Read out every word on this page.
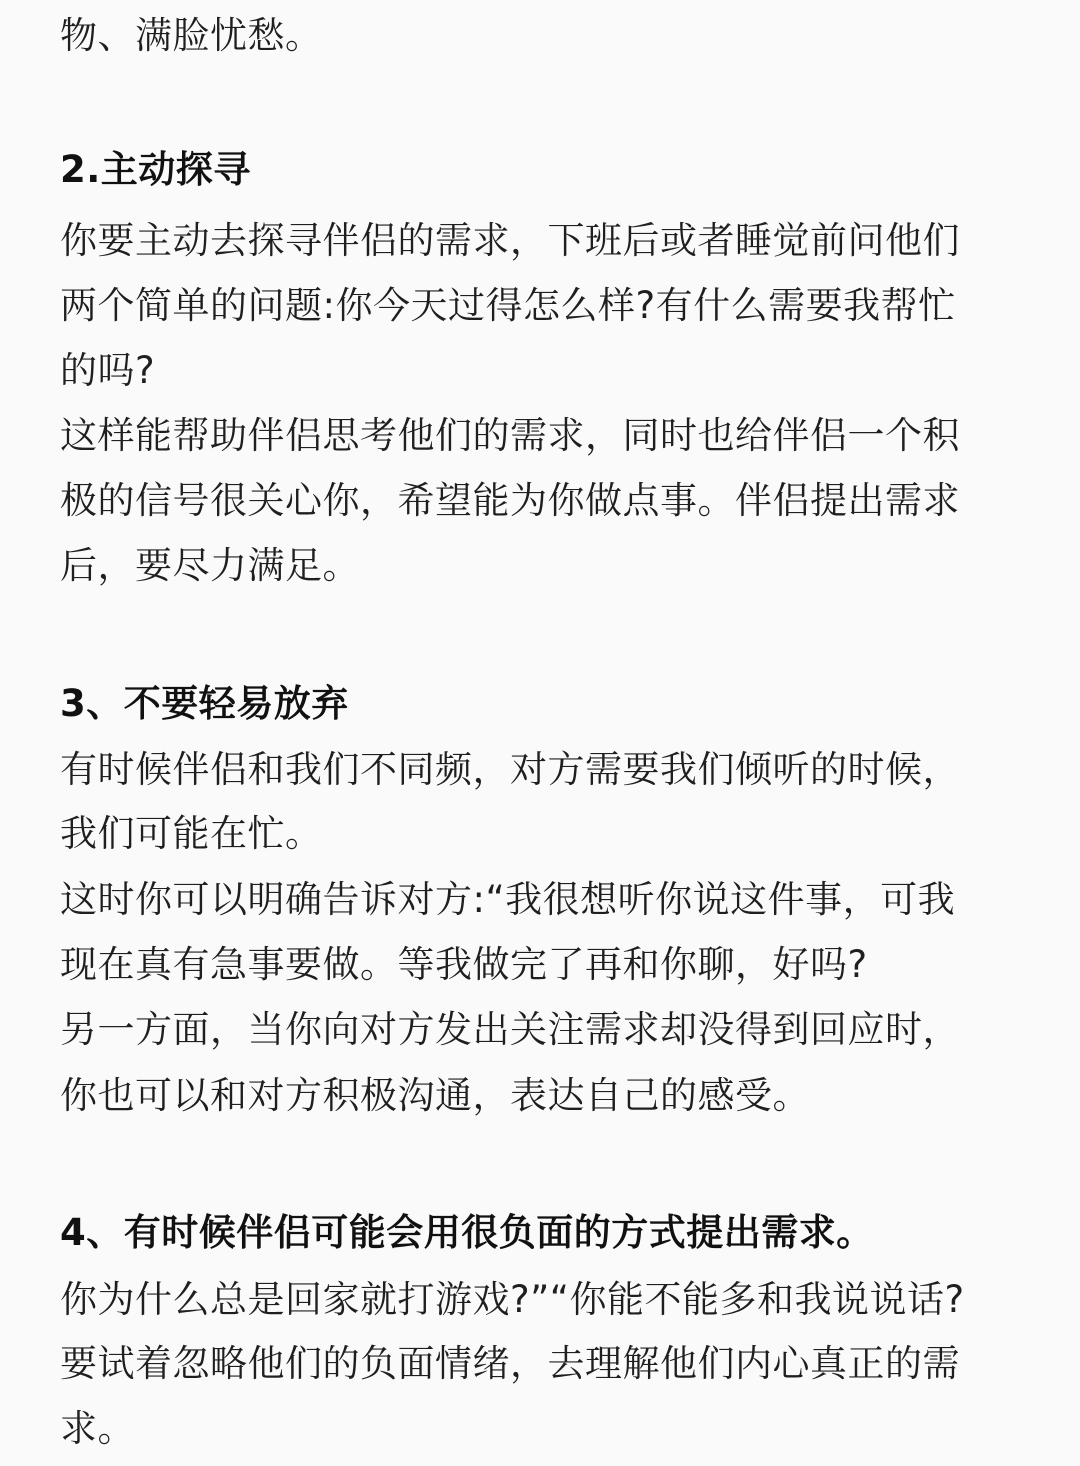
物、满脸忧愁。
2.主动探寻
你要主动去探寻伴侣的需求，下班后或者睡觉前问他们
两个简单的问题:你今天过得怎么样?有什么需要我帮忙
的吗?
这样能帮助伴侣思考他们的需求，同时也给伴侣一个积
极的信号很关心你，希望能为你做点事。伴侣提出需求
后，要尽力满足。
3、不要轻易放弃
有时候伴侣和我们不同频，对方需要我们倾听的时候，
我们可能在忙。
这时你可以明确告诉对方:“我很想听你说这件事，可我
现在真有急事要做。等我做完了再和你聊，好吗?
另一方面，当你向对方发出关注需求却没得到回应时，
你也可以和对方积极沟通，表达自己的感受。
4、有时候伴侣可能会用很负面的方式提出需求。
你为什么总是回家就打游戏?”“你能不能多和我说说话?
要试着忽略他们的负面情绪，去理解他们内心真正的需
求。
